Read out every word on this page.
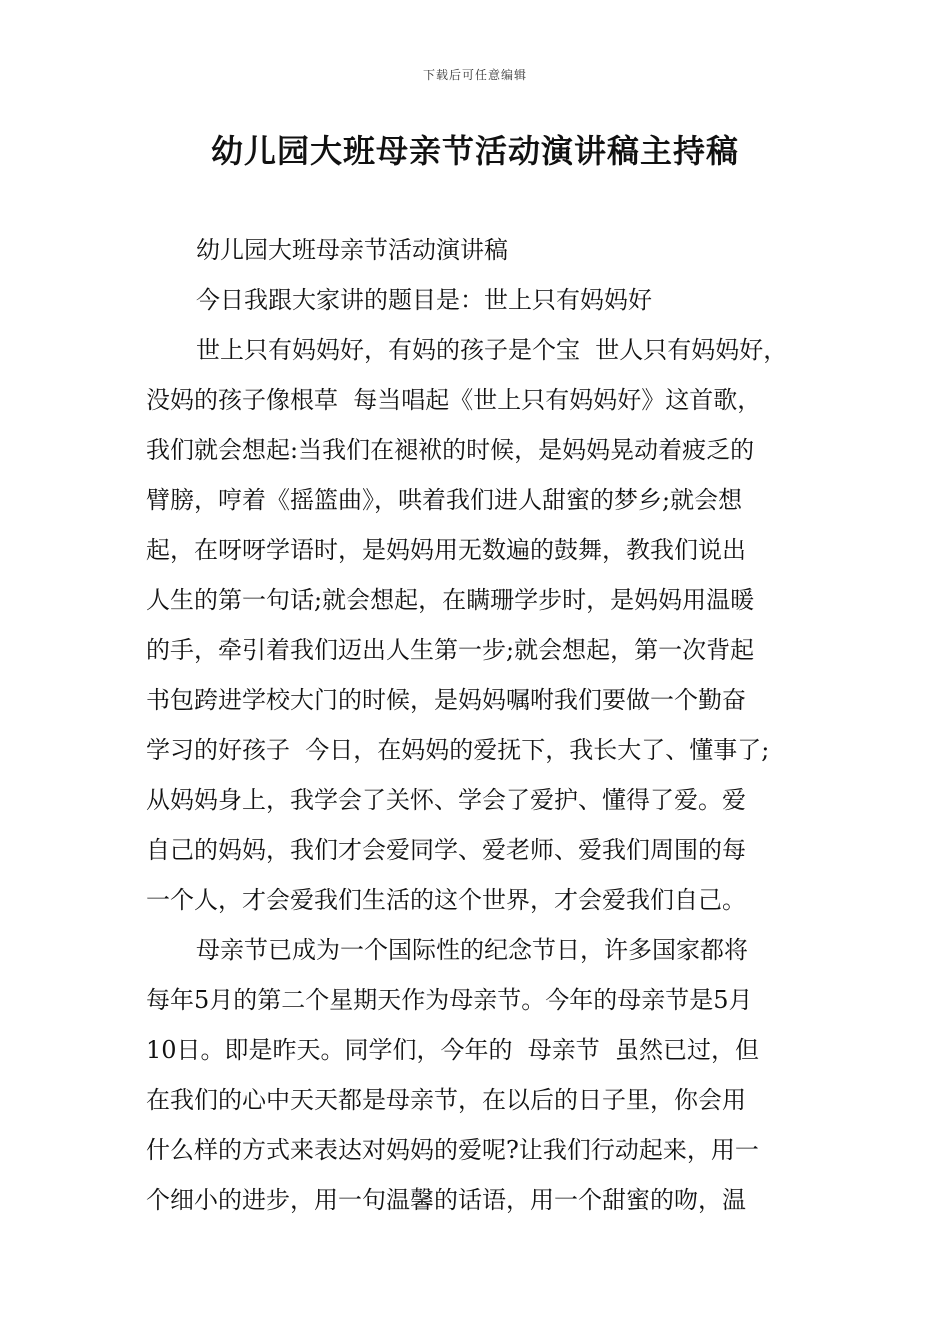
下载后可任意编辑
幼儿园大班母亲节活动演讲稿主持稿
幼儿园大班母亲节活动演讲稿
今日我跟大家讲的题目是：世上只有妈妈好
世上只有妈妈好，有妈的孩子是个宝  世人只有妈妈好，
没妈的孩子像根草  每当唱起《世上只有妈妈好》这首歌，
我们就会想起:当我们在褪袱的时候，是妈妈晃动着疲乏的
臂膀，哼着《摇篮曲》，哄着我们进人甜蜜的梦乡;就会想
起，在呀呀学语时，是妈妈用无数遍的鼓舞，教我们说出
人生的第一句话;就会想起，在瞒珊学步时，是妈妈用温暖
的手，牵引着我们迈出人生第一步;就会想起，第一次背起
书包跨进学校大门的时候，是妈妈嘱咐我们要做一个勤奋
学习的好孩子  今日，在妈妈的爱抚下，我长大了、懂事了;
从妈妈身上，我学会了关怀、学会了爱护、懂得了爱。爱
自己的妈妈，我们才会爱同学、爱老师、爱我们周围的每
一个人，才会爱我们生活的这个世界，才会爱我们自己。
母亲节已成为一个国际性的纪念节日，许多国家都将
每年5月的第二个星期天作为母亲节。今年的母亲节是5月
10日。即是昨天。同学们，今年的  母亲节  虽然已过，但
在我们的心中天天都是母亲节，在以后的日子里，你会用
什么样的方式来表达对妈妈的爱呢?让我们行动起来，用一
个细小的进步，用一句温馨的话语，用一个甜蜜的吻，温
